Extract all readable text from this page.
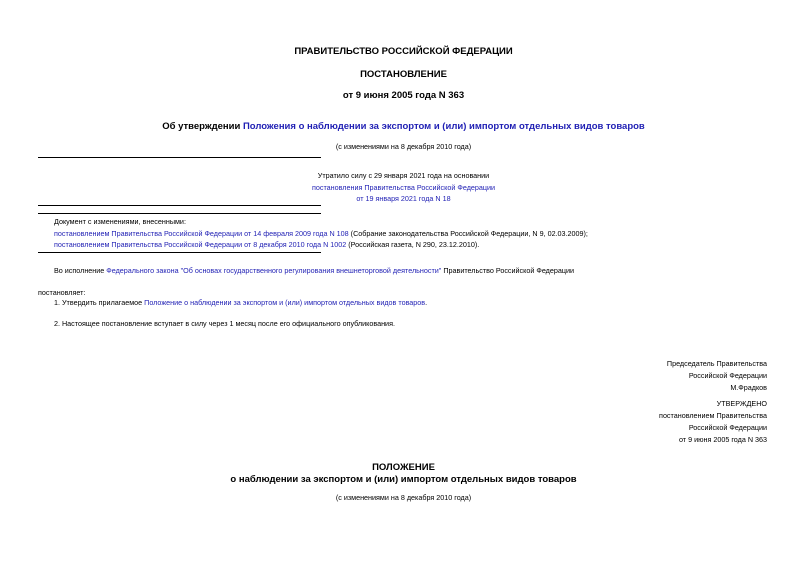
ПРАВИТЕЛЬСТВО РОССИЙСКОЙ ФЕДЕРАЦИИ
ПОСТАНОВЛЕНИЕ
от 9 июня 2005 года N 363
Об утверждении Положения о наблюдении за экспортом и (или) импортом отдельных видов товаров
(с изменениями на 8 декабря 2010 года)
Утратило силу с 29 января 2021 года на основании
постановления Правительства Российской Федерации
от 19 января 2021 года N 18
Документ с изменениями, внесенными:
постановлением Правительства Российской Федерации от 14 февраля 2009 года N 108 (Собрание законодательства Российской Федерации, N 9, 02.03.2009);
постановлением Правительства Российской Федерации от 8 декабря 2010 года N 1002 (Российская газета, N 290, 23.12.2010).
Во исполнение Федерального закона "Об основах государственного регулирования внешнеторговой деятельности" Правительство Российской Федерации
постановляет:
1. Утвердить прилагаемое Положение о наблюдении за экспортом и (или) импортом отдельных видов товаров.
2. Настоящее постановление вступает в силу через 1 месяц после его официального опубликования.
Председатель Правительства
Российской Федерации
М.Фрадков
УТВЕРЖДЕНО
постановлением Правительства
Российской Федерации
от 9 июня 2005 года N 363
ПОЛОЖЕНИЕ
о наблюдении за экспортом и (или) импортом отдельных видов товаров
(с изменениями на 8 декабря 2010 года)
